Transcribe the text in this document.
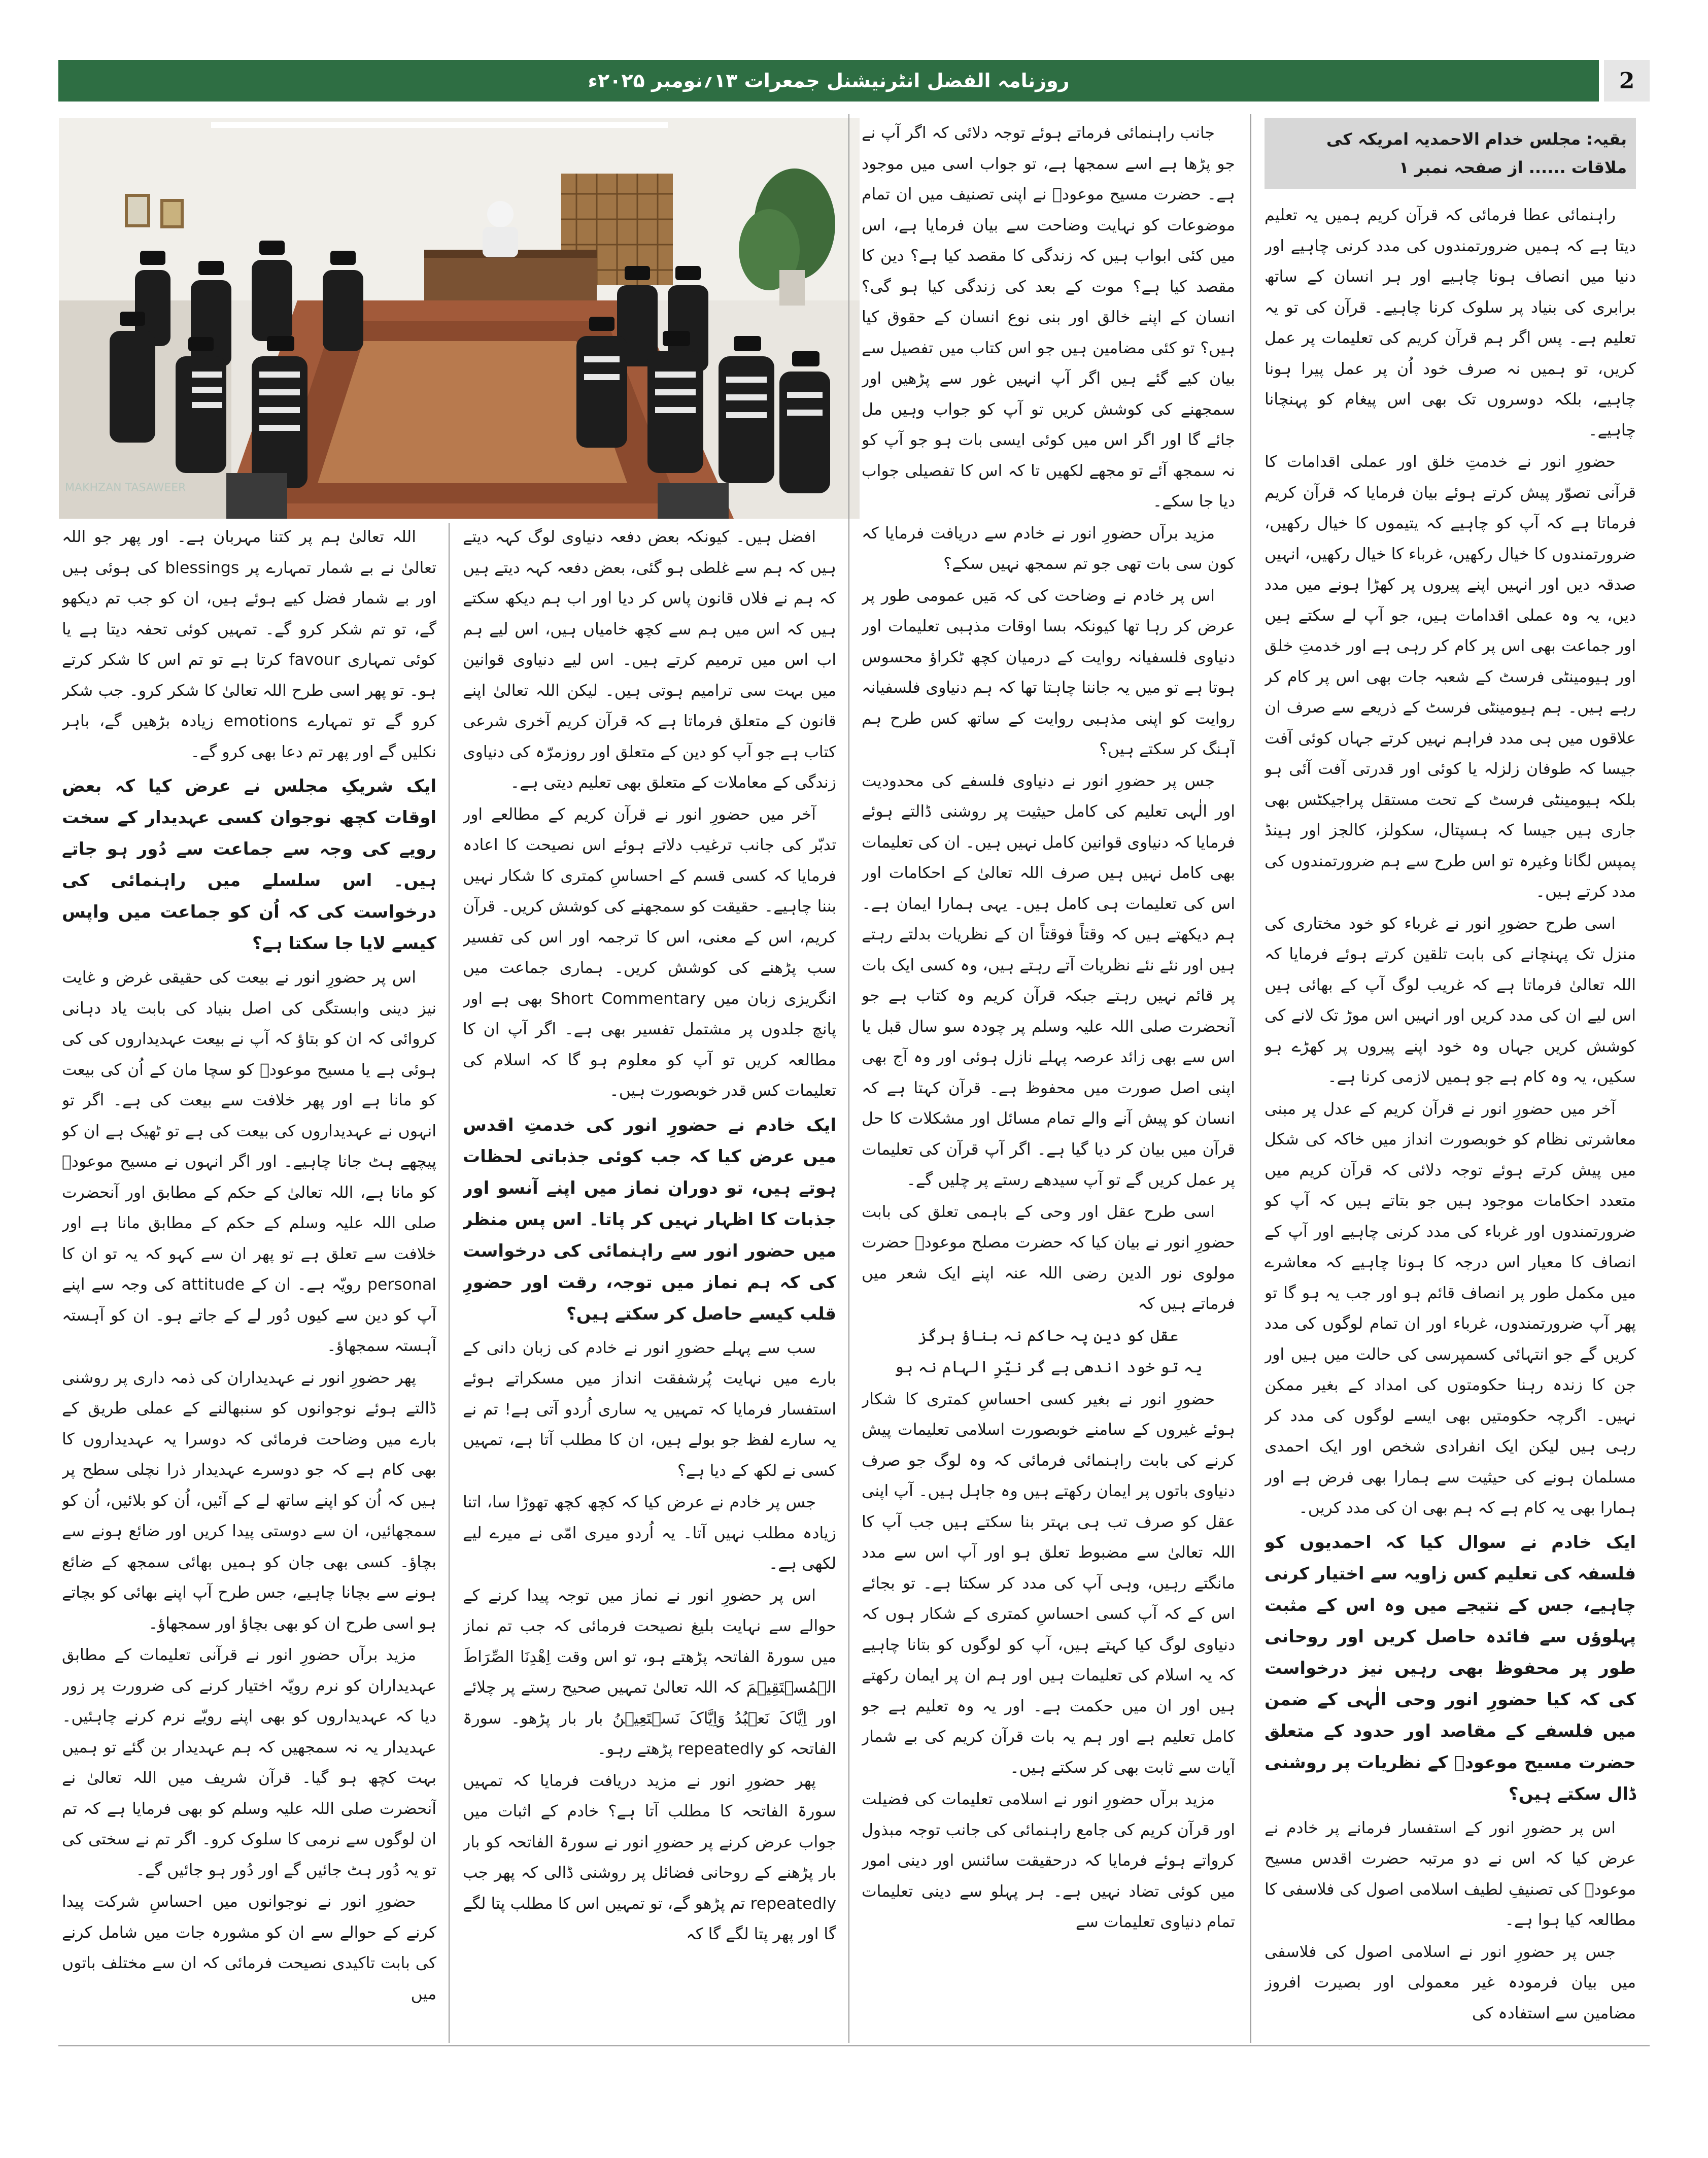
روزنامہ الفضل انٹرنیشنل جمعرات ۱۳؍نومبر ۲۰۲۵ء	2
MAKHZAN TASAWEER
بقیہ: مجلس خدام الاحمدیہ امریکہ کی ملاقات ...... از صفحہ نمبر ۱

راہنمائی عطا فرمائی کہ قرآن کریم ہمیں یہ تعلیم دیتا ہے کہ ہمیں ضرورتمندوں کی مدد کرنی چاہیے اور دنیا میں انصاف ہونا چاہیے اور ہر انسان کے ساتھ برابری کی بنیاد پر سلوک کرنا چاہیے۔ قرآن کی تو یہ تعلیم ہے۔ پس اگر ہم قرآن کریم کی تعلیمات پر عمل کریں، تو ہمیں نہ صرف خود اُن پر عمل پیرا ہونا چاہیے، بلکہ دوسروں تک بھی اس پیغام کو پہنچانا چاہیے۔

حضورِ انور نے خدمتِ خلق اور عملی اقدامات کا قرآنی تصوّر پیش کرتے ہوئے بیان فرمایا کہ قرآن کریم فرماتا ہے کہ آپ کو چاہیے کہ یتیموں کا خیال رکھیں، ضرورتمندوں کا خیال رکھیں، غرباء کا خیال رکھیں، انہیں صدقہ دیں اور انہیں اپنے پیروں پر کھڑا ہونے میں مدد دیں، یہ وہ عملی اقدامات ہیں، جو آپ لے سکتے ہیں اور جماعت بھی اس پر کام کر رہی ہے اور خدمتِ خلق اور ہیومینٹی فرسٹ کے شعبہ جات بھی اس پر کام کر رہے ہیں۔ ہم ہیومینٹی فرسٹ کے ذریعے سے صرف ان علاقوں میں ہی مدد فراہم نہیں کرتے جہاں کوئی آفت جیسا کہ طوفان زلزلہ یا کوئی اور قدرتی آفت آئی ہو بلکہ ہیومینٹی فرسٹ کے تحت مستقل پراجیکٹس بھی جاری ہیں جیسا کہ ہسپتال، سکولز، کالجز اور ہینڈ پمپس لگانا وغیرہ تو اس طرح سے ہم ضرورتمندوں کی مدد کرتے ہیں۔

اسی طرح حضورِ انور نے غرباء کو خود مختاری کی منزل تک پہنچانے کی بابت تلقین کرتے ہوئے فرمایا کہ اللہ تعالیٰ فرماتا ہے کہ غریب لوگ آپ کے بھائی ہیں اس لیے ان کی مدد کریں اور انہیں اس موڑ تک لانے کی کوشش کریں جہاں وہ خود اپنے پیروں پر کھڑے ہو سکیں، یہ وہ کام ہے جو ہمیں لازمی کرنا ہے۔

آخر میں حضورِ انور نے قرآن کریم کے عدل پر مبنی معاشرتی نظام کو خوبصورت انداز میں خاکہ کی شکل میں پیش کرتے ہوئے توجہ دلائی کہ قرآن کریم میں متعدد احکامات موجود ہیں جو بتاتے ہیں کہ آپ کو ضرورتمندوں اور غرباء کی مدد کرنی چاہیے اور آپ کے انصاف کا معیار اس درجہ کا ہونا چاہیے کہ معاشرے میں مکمل طور پر انصاف قائم ہو اور جب یہ ہو گا تو پھر آپ ضرورتمندوں، غرباء اور ان تمام لوگوں کی مدد کریں گے جو انتہائی کسمپرسی کی حالت میں ہیں اور جن کا زندہ رہنا حکومتوں کی امداد کے بغیر ممکن نہیں۔ اگرچہ حکومتیں بھی ایسے لوگوں کی مدد کر رہی ہیں لیکن ایک انفرادی شخص اور ایک احمدی مسلمان ہونے کی حیثیت سے ہمارا بھی فرض ہے اور ہمارا بھی یہ کام ہے کہ ہم بھی ان کی مدد کریں۔

ایک خادم نے سوال کیا کہ احمدیوں کو فلسفہ کی تعلیم کس زاویہ سے اختیار کرنی چاہیے، جس کے نتیجے میں وہ اس کے مثبت پہلوؤں سے فائدہ حاصل کریں اور روحانی طور پر محفوظ بھی رہیں نیز درخواست کی کہ کیا حضورِ انور وحی الٰہی کے ضمن میں فلسفے کے مقاصد اور حدود کے متعلق حضرت مسیح موعودؑ کے نظریات پر روشنی ڈال سکتے ہیں؟

اس پر حضورِ انور کے استفسار فرمانے پر خادم نے عرض کیا کہ اس نے دو مرتبہ حضرت اقدس مسیح موعودؑ کی تصنیفِ لطیف اسلامی اصول کی فلاسفی کا مطالعہ کیا ہوا ہے۔

جس پر حضورِ انور نے اسلامی اصول کی فلاسفی میں بیان فرمودہ غیر معمولی اور بصیرت افروز مضامین سے استفادہ کی

جانب راہنمائی فرماتے ہوئے توجہ دلائی کہ اگر آپ نے جو پڑھا ہے اسے سمجھا ہے، تو جواب اسی میں موجود ہے۔ حضرت مسیح موعودؑ نے اپنی تصنیف میں ان تمام موضوعات کو نہایت وضاحت سے بیان فرمایا ہے، اس میں کئی ابواب ہیں کہ زندگی کا مقصد کیا ہے؟ دین کا مقصد کیا ہے؟ موت کے بعد کی زندگی کیا ہو گی؟ انسان کے اپنے خالق اور بنی نوع انسان کے حقوق کیا ہیں؟ تو کئی مضامین ہیں جو اس کتاب میں تفصیل سے بیان کیے گئے ہیں اگر آپ انہیں غور سے پڑھیں اور سمجھنے کی کوشش کریں تو آپ کو جواب وہیں مل جائے گا اور اگر اس میں کوئی ایسی بات ہو جو آپ کو نہ سمجھ آئے تو مجھے لکھیں تا کہ اس کا تفصیلی جواب دیا جا سکے۔

مزید برآں حضورِ انور نے خادم سے دریافت فرمایا کہ کون سی بات تھی جو تم سمجھ نہیں سکے؟

اس پر خادم نے وضاحت کی کہ مَیں عمومی طور پر عرض کر رہا تھا کیونکہ بسا اوقات مذہبی تعلیمات اور دنیاوی فلسفیانہ روایت کے درمیان کچھ ٹکراؤ محسوس ہوتا ہے تو میں یہ جاننا چاہتا تھا کہ ہم دنیاوی فلسفیانہ روایت کو اپنی مذہبی روایت کے ساتھ کس طرح ہم آہنگ کر سکتے ہیں؟

جس پر حضورِ انور نے دنیاوی فلسفے کی محدودیت اور الٰہی تعلیم کی کامل حیثیت پر روشنی ڈالتے ہوئے فرمایا کہ دنیاوی قوانین کامل نہیں ہیں۔ ان کی تعلیمات بھی کامل نہیں ہیں صرف اللہ تعالیٰ کے احکامات اور اس کی تعلیمات ہی کامل ہیں۔ یہی ہمارا ایمان ہے۔ ہم دیکھتے ہیں کہ وقتاً فوقتاً ان کے نظریات بدلتے رہتے ہیں اور نئے نئے نظریات آتے رہتے ہیں، وہ کسی ایک بات پر قائم نہیں رہتے جبکہ قرآن کریم وہ کتاب ہے جو آنحضرت صلی اللہ علیہ وسلم پر چودہ سو سال قبل یا اس سے بھی زائد عرصہ پہلے نازل ہوئی اور وہ آج بھی اپنی اصل صورت میں محفوظ ہے۔ قرآن کہتا ہے کہ انسان کو پیش آنے والے تمام مسائل اور مشکلات کا حل قرآن میں بیان کر دیا گیا ہے۔ اگر آپ قرآن کی تعلیمات پر عمل کریں گے تو آپ سیدھے رستے پر چلیں گے۔

اسی طرح عقل اور وحی کے باہمی تعلق کی بابت حضورِ انور نے بیان کیا کہ حضرت مصلح موعودؓ حضرت مولوی نور الدین رضی اللہ عنہ اپنے ایک شعر میں فرماتے ہیں کہ

عقل کو دین پہ حاکم نہ بناؤ ہرگز

یہ تو خود اندھی ہے گر نیّرِ الہام نہ ہو

حضورِ انور نے بغیر کسی احساسِ کمتری کا شکار ہوئے غیروں کے سامنے خوبصورت اسلامی تعلیمات پیش کرنے کی بابت راہنمائی فرمائی کہ وہ لوگ جو صرف دنیاوی باتوں پر ایمان رکھتے ہیں وہ جاہل ہیں۔ آپ اپنی عقل کو صرف تب ہی بہتر بنا سکتے ہیں جب آپ کا اللہ تعالیٰ سے مضبوط تعلق ہو اور آپ اس سے مدد مانگتے رہیں، وہی آپ کی مدد کر سکتا ہے۔ تو بجائے اس کے کہ آپ کسی احساسِ کمتری کے شکار ہوں کہ دنیاوی لوگ کیا کہتے ہیں، آپ کو لوگوں کو بتانا چاہیے کہ یہ اسلام کی تعلیمات ہیں اور ہم ان پر ایمان رکھتے ہیں اور ان میں حکمت ہے۔ اور یہ وہ تعلیم ہے جو کامل تعلیم ہے اور ہم یہ بات قرآن کریم کی بے شمار آیات سے ثابت بھی کر سکتے ہیں۔

مزید برآں حضورِ انور نے اسلامی تعلیمات کی فضیلت اور قرآن کریم کی جامع راہنمائی کی جانب توجہ مبذول کرواتے ہوئے فرمایا کہ درحقیقت سائنس اور دینی امور میں کوئی تضاد نہیں ہے۔ ہر پہلو سے دینی تعلیمات تمام دنیاوی تعلیمات سے

افضل ہیں۔ کیونکہ بعض دفعہ دنیاوی لوگ کہہ دیتے ہیں کہ ہم سے غلطی ہو گئی، بعض دفعہ کہہ دیتے ہیں کہ ہم نے فلاں قانون پاس کر دیا اور اب ہم دیکھ سکتے ہیں کہ اس میں ہم سے کچھ خامیاں ہیں، اس لیے ہم اب اس میں ترمیم کرتے ہیں۔ اس لیے دنیاوی قوانین میں بہت سی ترامیم ہوتی ہیں۔ لیکن اللہ تعالیٰ اپنے قانون کے متعلق فرماتا ہے کہ قرآن کریم آخری شرعی کتاب ہے جو آپ کو دین کے متعلق اور روزمرّہ کی دنیاوی زندگی کے معاملات کے متعلق بھی تعلیم دیتی ہے۔

آخر میں حضورِ انور نے قرآن کریم کے مطالعے اور تدبّر کی جانب ترغیب دلاتے ہوئے اس نصیحت کا اعادہ فرمایا کہ کسی قسم کے احساسِ کمتری کا شکار نہیں بننا چاہیے۔ حقیقت کو سمجھنے کی کوشش کریں۔ قرآن کریم، اس کے معنی، اس کا ترجمہ اور اس کی تفسیر سب پڑھنے کی کوشش کریں۔ ہماری جماعت میں انگریزی زبان میں Short Commentary بھی ہے اور پانچ جلدوں پر مشتمل تفسیر بھی ہے۔ اگر آپ ان کا مطالعہ کریں تو آپ کو معلوم ہو گا کہ اسلام کی تعلیمات کس قدر خوبصورت ہیں۔

ایک خادم نے حضورِ انور کی خدمتِ اقدس میں عرض کیا کہ جب کوئی جذباتی لحظات ہوتے ہیں، تو دوران نماز میں اپنے آنسو اور جذبات کا اظہار نہیں کر پاتا۔ اس پس منظر میں حضور انور سے راہنمائی کی درخواست کی کہ ہم نماز میں توجہ، رقت اور حضورِ قلب کیسے حاصل کر سکتے ہیں؟

سب سے پہلے حضورِ انور نے خادم کی زبان دانی کے بارے میں نہایت پُرشفقت انداز میں مسکراتے ہوئے استفسار فرمایا کہ تمہیں یہ ساری اُردو آتی ہے! تم نے یہ سارے لفظ جو بولے ہیں، ان کا مطلب آتا ہے، تمہیں کسی نے لکھ کے دیا ہے؟

جس پر خادم نے عرض کیا کہ کچھ کچھ تھوڑا سا، اتنا زیادہ مطلب نہیں آتا۔ یہ اُردو میری امّی نے میرے لیے لکھی ہے۔

اس پر حضورِ انور نے نماز میں توجہ پیدا کرنے کے حوالے سے نہایت بلیغ نصیحت فرمائی کہ جب تم نماز میں سورۃ الفاتحہ پڑھتے ہو، تو اس وقت اِھْدِنَا الصِّرَاطَ الۡمُسۡتَقِیۡمَ کہ اللہ تعالیٰ تمہیں صحیح رستے پر چلائے اور اِیَّاکَ نَعۡبُدُ وَاِیَّاکَ نَسۡتَعِیۡنُ بار بار پڑھو۔ سورۃ الفاتحہ کو repeatedly پڑھتے رہو۔

پھر حضورِ انور نے مزید دریافت فرمایا کہ تمہیں سورۃ الفاتحہ کا مطلب آتا ہے؟ خادم کے اثبات میں جواب عرض کرنے پر حضورِ انور نے سورۃ الفاتحہ کو بار بار پڑھنے کے روحانی فضائل پر روشنی ڈالی کہ پھر جب repeatedly تم پڑھو گے، تو تمہیں اس کا مطلب پتا لگے گا اور پھر پتا لگے گا کہ

اللہ تعالیٰ ہم پر کتنا مہربان ہے۔ اور پھر جو اللہ تعالیٰ نے بے شمار تمہارے پر blessings کی ہوئی ہیں اور بے شمار فضل کیے ہوئے ہیں، ان کو جب تم دیکھو گے، تو تم شکر کرو گے۔ تمہیں کوئی تحفہ دیتا ہے یا کوئی تمہاری favour کرتا ہے تو تم اس کا شکر کرتے ہو۔ تو پھر اسی طرح اللہ تعالیٰ کا شکر کرو۔ جب شکر کرو گے تو تمہارے emotions زیادہ بڑھیں گے، باہر نکلیں گے اور پھر تم دعا بھی کرو گے۔

ایک شریکِ مجلس نے عرض کیا کہ بعض اوقات کچھ نوجوان کسی عہدیدار کے سخت رویے کی وجہ سے جماعت سے دُور ہو جاتے ہیں۔ اس سلسلے میں راہنمائی کی درخواست کی کہ اُن کو جماعت میں واپس کیسے لایا جا سکتا ہے؟

اس پر حضورِ انور نے بیعت کی حقیقی غرض و غایت نیز دینی وابستگی کی اصل بنیاد کی بابت یاد دہانی کروائی کہ ان کو بتاؤ کہ آپ نے بیعت عہدیداروں کی کی ہوئی ہے یا مسیح موعودؑ کو سچا مان کے اُن کی بیعت کو مانا ہے اور پھر خلافت سے بیعت کی ہے۔ اگر تو انہوں نے عہدیداروں کی بیعت کی ہے تو ٹھیک ہے ان کو پیچھے ہٹ جانا چاہیے۔ اور اگر انہوں نے مسیح موعودؑ کو مانا ہے، اللہ تعالیٰ کے حکم کے مطابق اور آنحضرت صلی اللہ علیہ وسلم کے حکم کے مطابق مانا ہے اور خلافت سے تعلق ہے تو پھر ان سے کہو کہ یہ تو ان کا personal رویّہ ہے۔ ان کے attitude کی وجہ سے اپنے آپ کو دین سے کیوں دُور لے کے جاتے ہو۔ ان کو آہستہ آہستہ سمجھاؤ۔

پھر حضورِ انور نے عہدیداران کی ذمہ داری پر روشنی ڈالتے ہوئے نوجوانوں کو سنبھالنے کے عملی طریق کے بارے میں وضاحت فرمائی کہ دوسرا یہ عہدیداروں کا بھی کام ہے کہ جو دوسرے عہدیدار ذرا نچلی سطح پر ہیں کہ اُن کو اپنے ساتھ لے کے آئیں، اُن کو بلائیں، اُن کو سمجھائیں، ان سے دوستی پیدا کریں اور ضائع ہونے سے بچاؤ۔ کسی بھی جان کو ہمیں بھائی سمجھ کے ضائع ہونے سے بچانا چاہیے، جس طرح آپ اپنے بھائی کو بچاتے ہو اسی طرح ان کو بھی بچاؤ اور سمجھاؤ۔

مزید برآں حضورِ انور نے قرآنی تعلیمات کے مطابق عہدیداران کو نرم رویّہ اختیار کرنے کی ضرورت پر زور دیا کہ عہدیداروں کو بھی اپنے رویّے نرم کرنے چاہئیں۔ عہدیدار یہ نہ سمجھیں کہ ہم عہدیدار بن گئے تو ہمیں بہت کچھ ہو گیا۔ قرآن شریف میں اللہ تعالیٰ نے آنحضرت صلی اللہ علیہ وسلم کو بھی فرمایا ہے کہ تم ان لوگوں سے نرمی کا سلوک کرو۔ اگر تم نے سختی کی تو یہ دُور ہٹ جائیں گے اور دُور ہو جائیں گے۔

حضورِ انور نے نوجوانوں میں احساسِ شرکت پیدا کرنے کے حوالے سے ان کو مشورہ جات میں شامل کرنے کی بابت تاکیدی نصیحت فرمائی کہ ان سے مختلف باتوں میں
